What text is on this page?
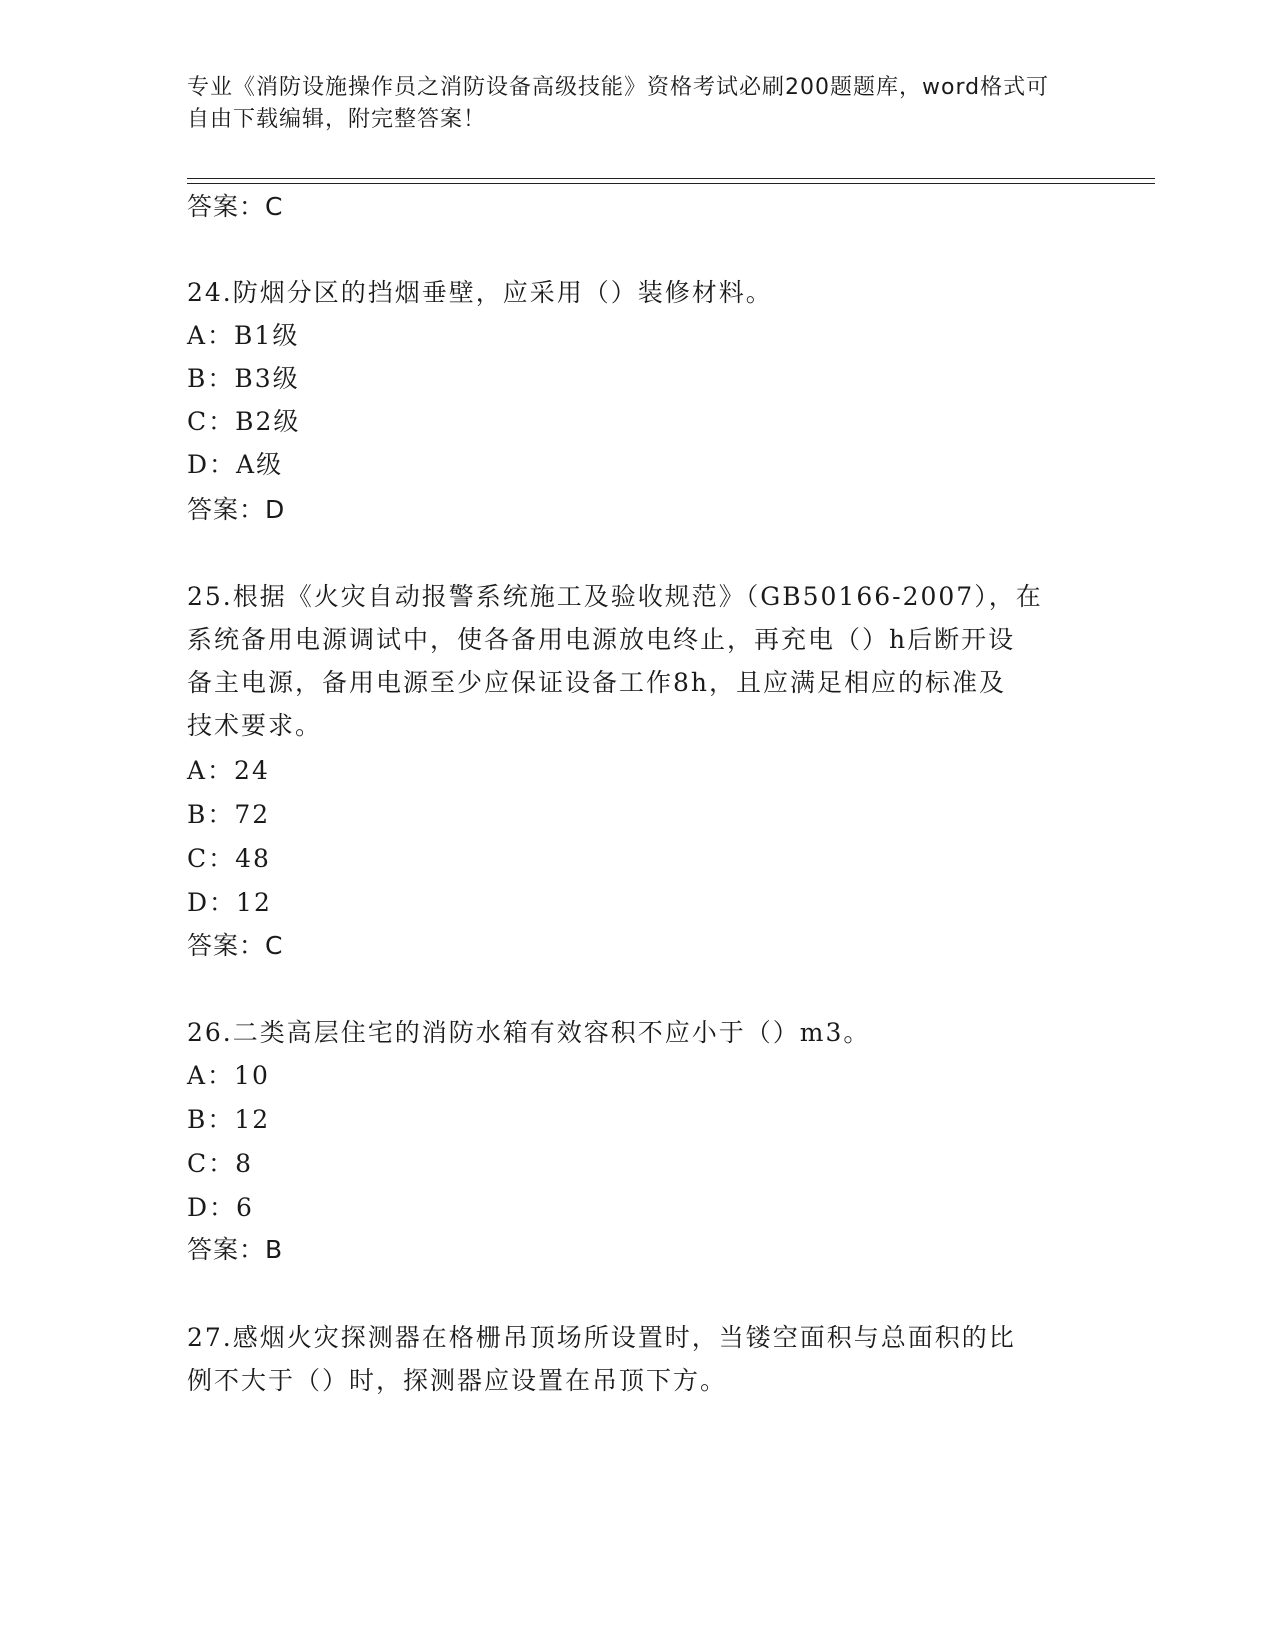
专业《消防设施操作员之消防设备高级技能》资格考试必刷200题题库，word格式可自由下载编辑，附完整答案！
答案：C
24.防烟分区的挡烟垂壁，应采用（）装修材料。
A：B1级
B：B3级
C：B2级
D：A级
答案：D
25.根据《火灾自动报警系统施工及验收规范》（GB50166-2007），在
系统备用电源调试中，使各备用电源放电终止，再充电（）h后断开设
备主电源，备用电源至少应保证设备工作8h，且应满足相应的标准及
技术要求。
A：24
B：72
C：48
D：12
答案：C
26.二类高层住宅的消防水箱有效容积不应小于（）m3。
A：10
B：12
C：8
D：6
答案：B
27.感烟火灾探测器在格栅吊顶场所设置时，当镂空面积与总面积的比
例不大于（）时，探测器应设置在吊顶下方。
